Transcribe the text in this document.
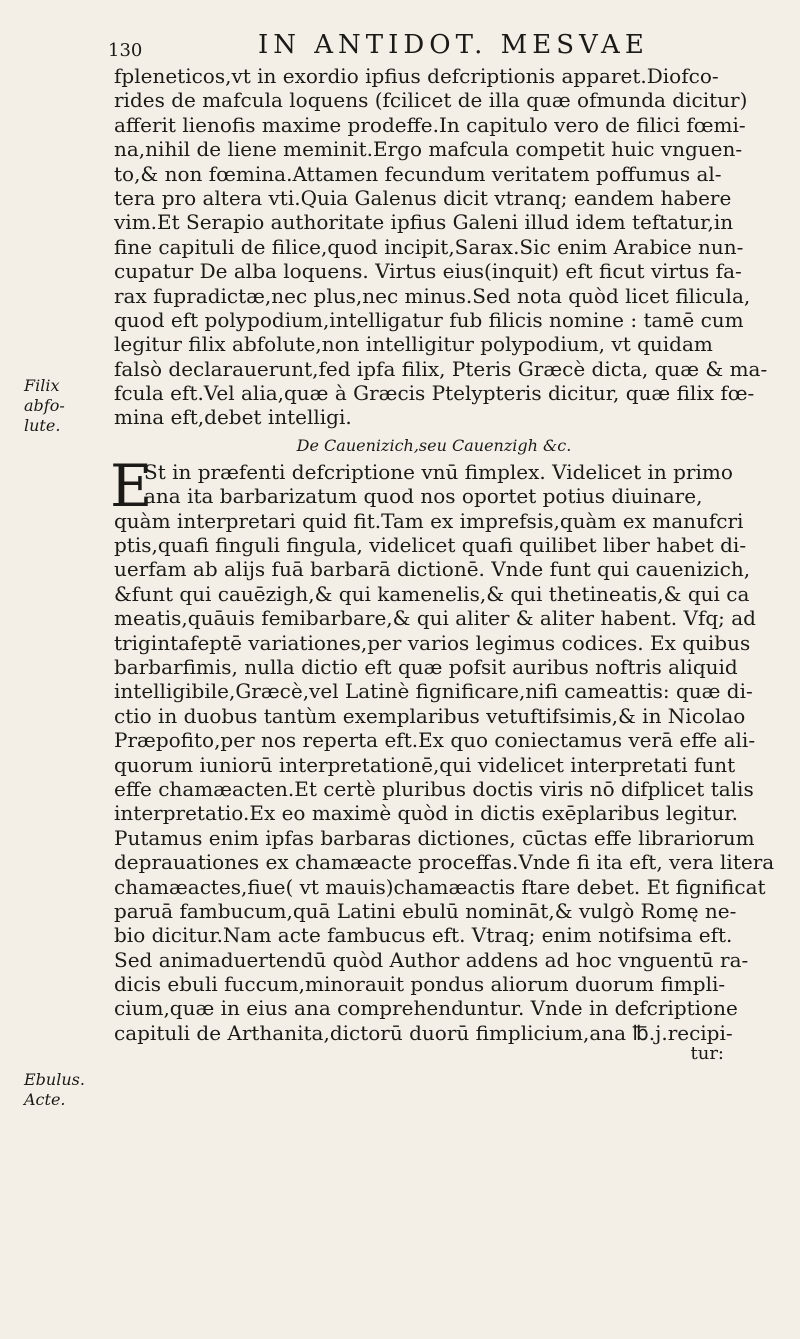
130	IN ANTIDOT. MESVAE
Filix
abfo-
lute.
Ebulus.
Acte.
fpleneticos,vt in exordio ipfius defcriptionis apparet.Diofco-
rides de mafcula loquens (fcilicet de illa quæ ofmunda dicitur)
afferit lienofis maxime prodeffe.In capitulo vero de filici fœmi-
na,nihil de liene meminit.Ergo mafcula competit huic vnguen-
to,& non fœmina.Attamen fecundum veritatem poffumus al-
tera pro altera vti.Quia Galenus dicit vtranq; eandem habere
vim.Et Serapio authoritate ipfius Galeni illud idem teftatur,in
fine capituli de filice,quod incipit,Sarax.Sic enim Arabice nun-
cupatur De alba loquens. Virtus eius(inquit) eft ficut virtus fa-
rax fupradictæ,nec plus,nec minus.Sed nota quòd licet filicula,
quod eft polypodium,intelligatur fub filicis nomine : tamē cum
legitur filix abfolute,non intelligitur polypodium, vt quidam
falsò declarauerunt,fed ipfa filix, Pteris Græcè dicta, quæ & ma-
fcula eft.Vel alia,quæ à Græcis Ptelypteris dicitur, quæ filix fœ-
mina eft,debet intelligi.
De Cauenizich,seu Cauenzigh &c.
E
St in præfenti defcriptione vnū fimplex. Videlicet in primo
ana ita barbarizatum quod nos oportet potius diuinare,
quàm interpretari quid fit.Tam ex imprefsis,quàm ex manufcri
ptis,quafi finguli fingula, videlicet quafi quilibet liber habet di-
uerfam ab alijs fuā barbarā dictionē. Vnde funt qui cauenizich,
&funt qui cauēzigh,& qui kamenelis,& qui thetineatis,& qui ca
meatis,quāuis femibarbare,& qui aliter & aliter habent. Vfq; ad
trigintafeptē variationes,per varios legimus codices. Ex quibus
barbarfimis, nulla dictio eft quæ pofsit auribus noftris aliquid
intelligibile,Græcè,vel Latinè fignificare,nifi cameattis: quæ di-
ctio in duobus tantùm exemplaribus vetuftifsimis,& in Nicolao
Præpofito,per nos reperta eft.Ex quo coniectamus verā effe ali-
quorum iuniorū interpretationē,qui videlicet interpretati funt
effe chamæacten.Et certè pluribus doctis viris nō difplicet talis
interpretatio.Ex eo maximè quòd in dictis exēplaribus legitur.
Putamus enim ipfas barbaras dictiones, cūctas effe librariorum
deprauationes ex chamæacte proceffas.Vnde fi ita eft, vera litera
chamæactes,fiue( vt mauis)chamæactis ftare debet. Et fignificat
paruā fambucum,quā Latini ebulū nomināt,& vulgò Romę ne-
bio dicitur.Nam acte fambucus eft. Vtraq; enim notifsima eft.
Sed animaduertendū quòd Author addens ad hoc vnguentū ra-
dicis ebuli fuccum,minorauit pondus aliorum duorum fimpli-
cium,quæ in eius ana comprehenduntur. Vnde in defcriptione
capituli de Arthanita,dictorū duorū fimplicium,ana ℔.j.recipi-
tur:
